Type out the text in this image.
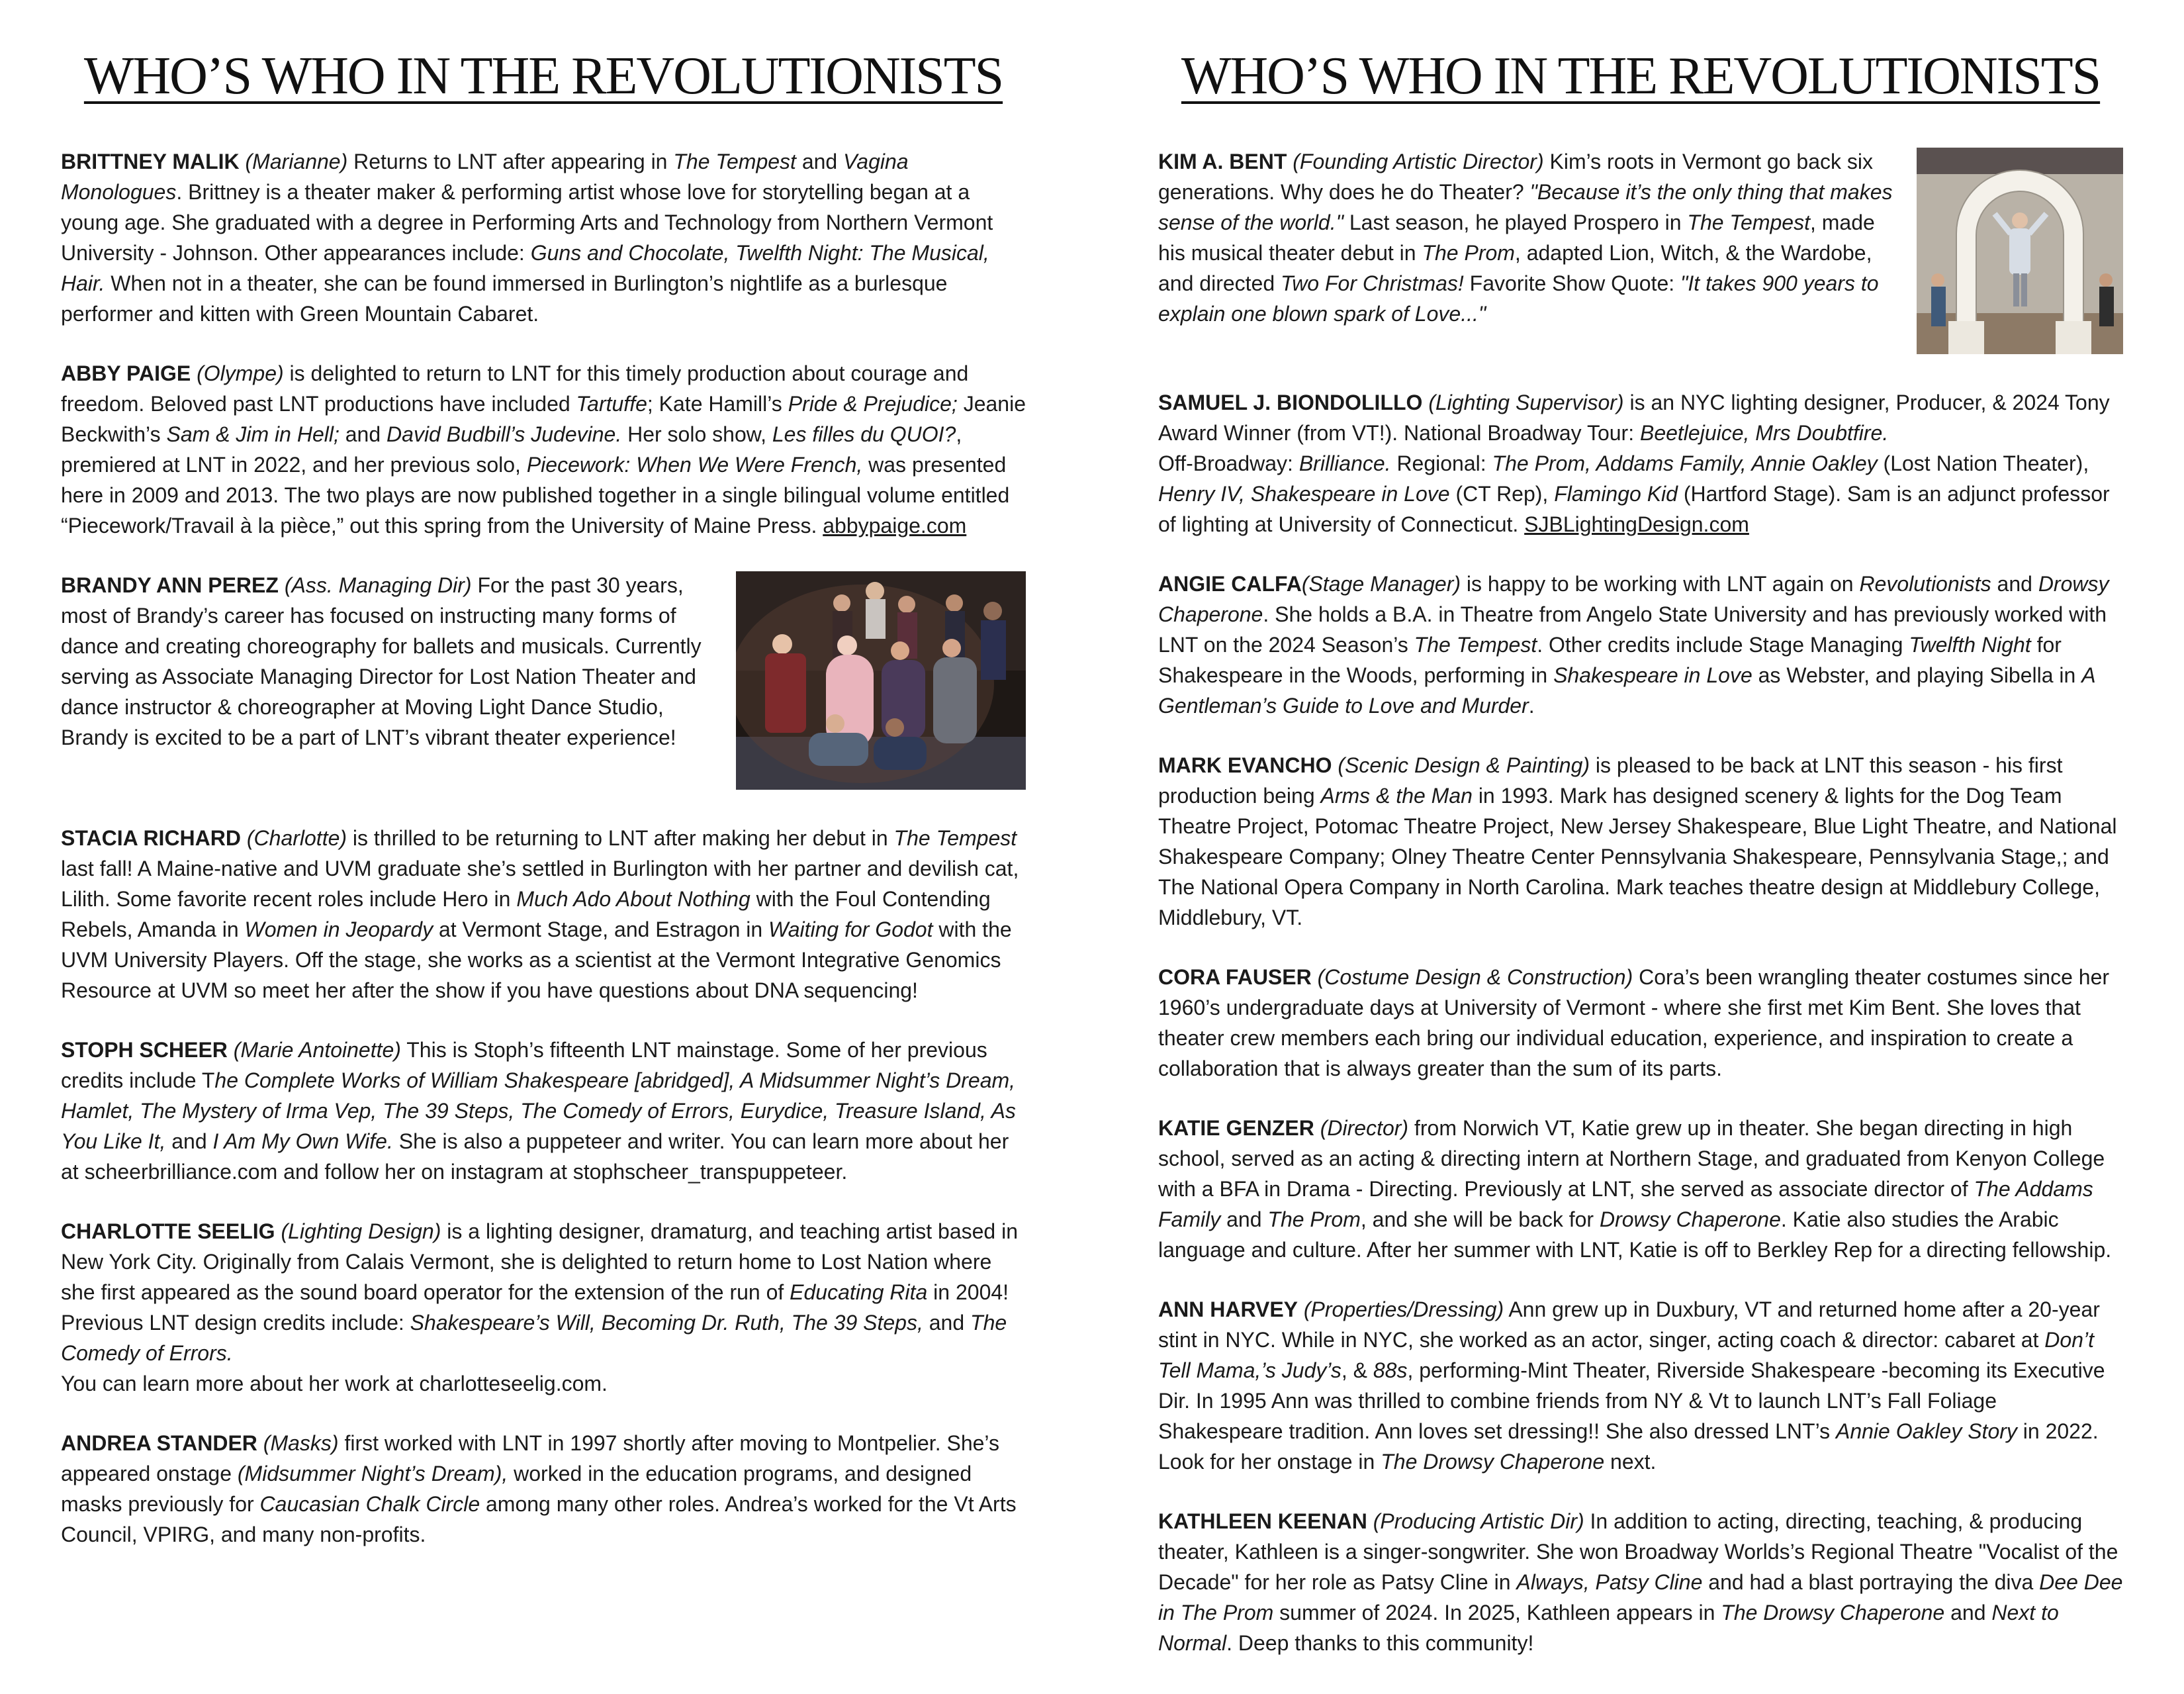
WHO’S WHO IN THE REVOLUTIONISTS

BRITTNEY MALIK (Marianne) Returns to LNT after appearing in The Tempest and Vagina Monologues. Brittney is a theater maker & performing artist whose love for storytelling began at a young age. She graduated with a degree in Performing Arts and Technology from Northern Vermont University - Johnson. Other appearances include: Guns and Chocolate, Twelfth Night: The Musical, Hair. When not in a theater, she can be found immersed in Burlington’s nightlife as a burlesque performer and kitten with Green Mountain Cabaret.

ABBY PAIGE (Olympe) is delighted to return to LNT for this timely production about courage and freedom. Beloved past LNT productions have included Tartuffe; Kate Hamill’s Pride & Prejudice; Jeanie Beckwith’s Sam & Jim in Hell; and David Budbill’s Judevine. Her solo show, Les filles du QUOI?, premiered at LNT in 2022, and her previous solo, Piecework: When We Were French, was presented here in 2009 and 2013. The two plays are now published together in a single bilingual volume entitled “Piecework/Travail à la pièce,” out this spring from the University of Maine Press. abbypaige.com

BRANDY ANN PEREZ (Ass. Managing Dir) For the past 30 years, most of Brandy’s career has focused on instructing many forms of dance and creating choreography for ballets and musicals. Currently serving as Associate Managing Director for Lost Nation Theater and dance instructor & choreographer at Moving Light Dance Studio, Brandy is excited to be a part of LNT’s vibrant theater experience!

STACIA RICHARD (Charlotte) is thrilled to be returning to LNT after making her debut in The Tempest last fall! A Maine-native and UVM graduate she’s settled in Burlington with her partner and devilish cat, Lilith. Some favorite recent roles include Hero in Much Ado About Nothing with the Foul Contending Rebels, Amanda in Women in Jeopardy at Vermont Stage, and Estragon in Waiting for Godot with the UVM University Players. Off the stage, she works as a scientist at the Vermont Integrative Genomics Resource at UVM so meet her after the show if you have questions about DNA sequencing!

STOPH SCHEER (Marie Antoinette) This is Stoph’s fifteenth LNT mainstage. Some of her previous credits include The Complete Works of William Shakespeare [abridged], A Midsummer Night’s Dream, Hamlet, The Mystery of Irma Vep, The 39 Steps, The Comedy of Errors, Eurydice, Treasure Island, As You Like It, and I Am My Own Wife. She is also a puppeteer and writer. You can learn more about her at scheerbrilliance.com and follow her on instagram at stophscheer_transpuppeteer.

CHARLOTTE SEELIG (Lighting Design) is a lighting designer, dramaturg, and teaching artist based in New York City. Originally from Calais Vermont, she is delighted to return home to Lost Nation where she first appeared as the sound board operator for the extension of the run of Educating Rita in 2004! Previous LNT design credits include: Shakespeare’s Will, Becoming Dr. Ruth, The 39 Steps, and The Comedy of Errors.
You can learn more about her work at charlotteseelig.com.

ANDREA STANDER (Masks) first worked with LNT in 1997 shortly after moving to Montpelier. She’s appeared onstage (Midsummer Night’s Dream), worked in the education programs, and designed masks previously for Caucasian Chalk Circle among many other roles. Andrea’s worked for the Vt Arts Council, VPIRG, and many non-profits.

WHO’S WHO IN THE REVOLUTIONISTS
KIM A. BENT (Founding Artistic Director) Kim’s roots in Vermont go back six generations. Why does he do Theater? "Because it’s the only thing that makes sense of the world." Last season, he played Prospero in The Tempest, made his musical theater debut in The Prom, adapted Lion, Witch, & the Wardobe, and directed Two For Christmas! Favorite Show Quote: "It takes 900 years to explain one blown spark of Love..."

SAMUEL J. BIONDOLILLO (Lighting Supervisor) is an NYC lighting designer, Producer, & 2024 Tony Award Winner (from VT!). National Broadway Tour: Beetlejuice, Mrs Doubtfire.
Off-Broadway: Brilliance. Regional: The Prom, Addams Family, Annie Oakley (Lost Nation Theater), Henry IV, Shakespeare in Love (CT Rep), Flamingo Kid (Hartford Stage). Sam is an adjunct professor of lighting at University of Connecticut. SJBLightingDesign.com

ANGIE CALFA(Stage Manager) is happy to be working with LNT again on Revolutionists and Drowsy Chaperone. She holds a B.A. in Theatre from Angelo State University and has previously worked with LNT on the 2024 Season’s The Tempest. Other credits include Stage Managing Twelfth Night for Shakespeare in the Woods, performing in Shakespeare in Love as Webster, and playing Sibella in A Gentleman’s Guide to Love and Murder.

MARK EVANCHO (Scenic Design & Painting) is pleased to be back at LNT this season - his first production being Arms & the Man in 1993. Mark has designed scenery & lights for the Dog Team Theatre Project, Potomac Theatre Project, New Jersey Shakespeare, Blue Light Theatre, and National Shakespeare Company; Olney Theatre Center Pennsylvania Shakespeare, Pennsylvania Stage,; and The National Opera Company in North Carolina. Mark teaches theatre design at Middlebury College, Middlebury, VT.

CORA FAUSER (Costume Design & Construction) Cora’s been wrangling theater costumes since her 1960’s undergraduate days at University of Vermont - where she first met Kim Bent. She loves that theater crew members each bring our individual education, experience, and inspiration to create a collaboration that is always greater than the sum of its parts.

KATIE GENZER (Director) from Norwich VT, Katie grew up in theater. She began directing in high school, served as an acting & directing intern at Northern Stage, and graduated from Kenyon College with a BFA in Drama - Directing. Previously at LNT, she served as associate director of The Addams Family and The Prom, and she will be back for Drowsy Chaperone. Katie also studies the Arabic language and culture. After her summer with LNT, Katie is off to Berkley Rep for a directing fellowship.

ANN HARVEY (Properties/Dressing) Ann grew up in Duxbury, VT and returned home after a 20-year stint in NYC. While in NYC, she worked as an actor, singer, acting coach & director: cabaret at Don’t Tell Mama,’s Judy’s, & 88s, performing-Mint Theater, Riverside Shakespeare -becoming its Executive Dir. In 1995 Ann was thrilled to combine friends from NY & Vt to launch LNT’s Fall Foliage Shakespeare tradition. Ann loves set dressing!! She also dressed LNT’s Annie Oakley Story in 2022. Look for her onstage in The Drowsy Chaperone next.

KATHLEEN KEENAN (Producing Artistic Dir) In addition to acting, directing, teaching, & producing theater, Kathleen is a singer-songwriter. She won Broadway Worlds’s Regional Theatre "Vocalist of the Decade" for her role as Patsy Cline in Always, Patsy Cline and had a blast portraying the diva Dee Dee in The Prom summer of 2024. In 2025, Kathleen appears in The Drowsy Chaperone and Next to Normal. Deep thanks to this community!
